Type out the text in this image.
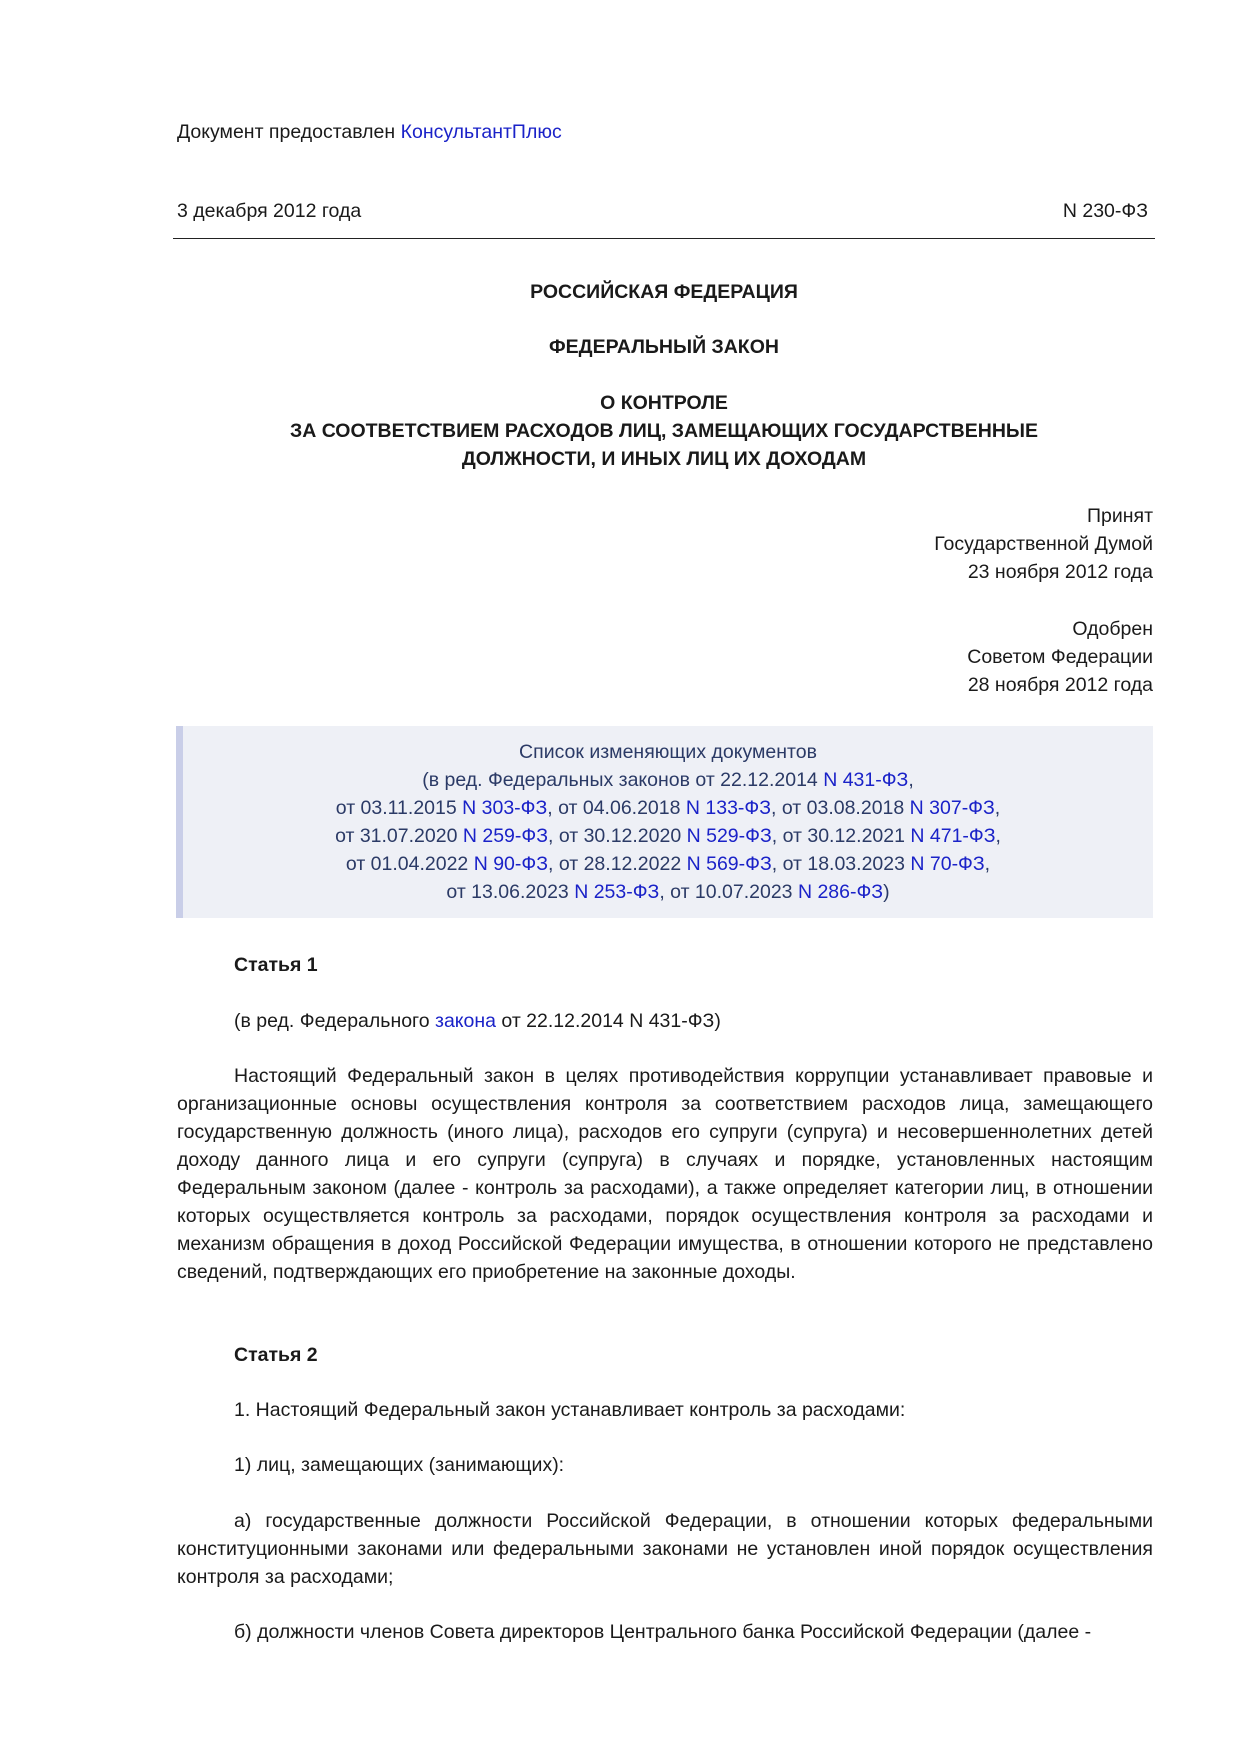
Документ предоставлен КонсультантПлюс
3 декабря 2012 года	N 230-ФЗ
РОССИЙСКАЯ ФЕДЕРАЦИЯ
ФЕДЕРАЛЬНЫЙ ЗАКОН
О КОНТРОЛЕ
ЗА СООТВЕТСТВИЕМ РАСХОДОВ ЛИЦ, ЗАМЕЩАЮЩИХ ГОСУДАРСТВЕННЫЕ
ДОЛЖНОСТИ, И ИНЫХ ЛИЦ ИХ ДОХОДАМ
Принят
Государственной Думой
23 ноября 2012 года
Одобрен
Советом Федерации
28 ноября 2012 года
Список изменяющих документов
(в ред. Федеральных законов от 22.12.2014 N 431-ФЗ,
от 03.11.2015 N 303-ФЗ, от 04.06.2018 N 133-ФЗ, от 03.08.2018 N 307-ФЗ,
от 31.07.2020 N 259-ФЗ, от 30.12.2020 N 529-ФЗ, от 30.12.2021 N 471-ФЗ,
от 01.04.2022 N 90-ФЗ, от 28.12.2022 N 569-ФЗ, от 18.03.2023 N 70-ФЗ,
от 13.06.2023 N 253-ФЗ, от 10.07.2023 N 286-ФЗ)
Статья 1
(в ред. Федерального закона от 22.12.2014 N 431-ФЗ)
Настоящий Федеральный закон в целях противодействия коррупции устанавливает правовые и организационные основы осуществления контроля за соответствием расходов лица, замещающего государственную должность (иного лица), расходов его супруги (супруга) и несовершеннолетних детей доходу данного лица и его супруги (супруга) в случаях и порядке, установленных настоящим Федеральным законом (далее - контроль за расходами), а также определяет категории лиц, в отношении которых осуществляется контроль за расходами, порядок осуществления контроля за расходами и механизм обращения в доход Российской Федерации имущества, в отношении которого не представлено сведений, подтверждающих его приобретение на законные доходы.
Статья 2
1. Настоящий Федеральный закон устанавливает контроль за расходами:
1) лиц, замещающих (занимающих):
а) государственные должности Российской Федерации, в отношении которых федеральными конституционными законами или федеральными законами не установлен иной порядок осуществления контроля за расходами;
б) должности членов Совета директоров Центрального банка Российской Федерации (далее -
